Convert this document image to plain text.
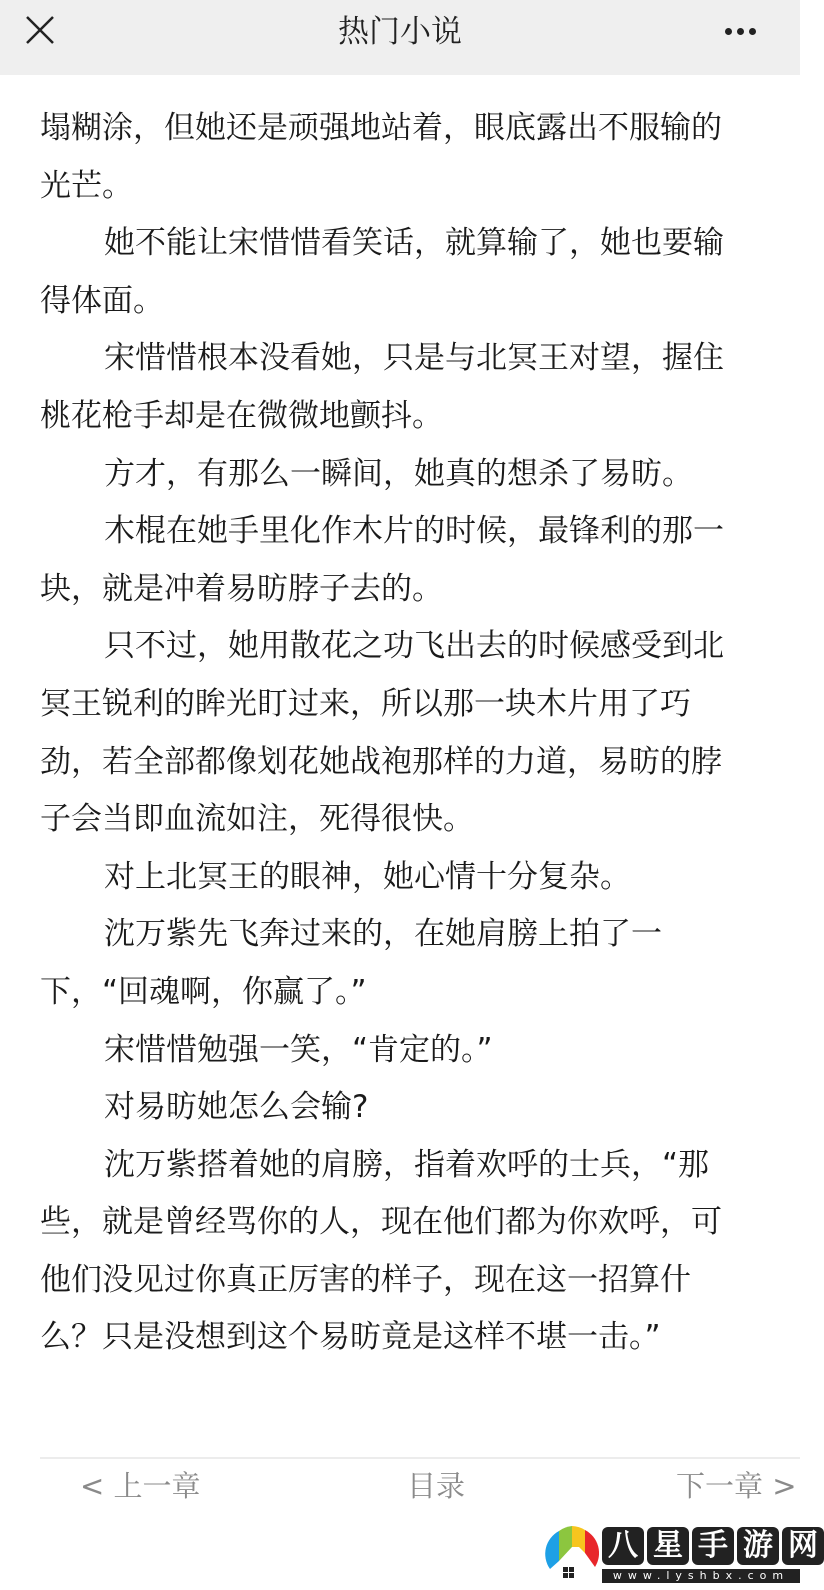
热门小说
塌糊涂，但她还是顽强地站着，眼底露出不服输的
光芒。
她不能让宋惜惜看笑话，就算输了，她也要输
得体面。
宋惜惜根本没看她，只是与北冥王对望，握住
桃花枪手却是在微微地颤抖。
方才，有那么一瞬间，她真的想杀了易昉。
木棍在她手里化作木片的时候，最锋利的那一
块，就是冲着易昉脖子去的。
只不过，她用散花之功飞出去的时候感受到北
冥王锐利的眸光盯过来，所以那一块木片用了巧
劲，若全部都像划花她战袍那样的力道，易昉的脖
子会当即血流如注，死得很快。
对上北冥王的眼神，她心情十分复杂。
沈万紫先飞奔过来的，在她肩膀上拍了一
下，“回魂啊，你赢了。”
宋惜惜勉强一笑，“肯定的。”
对易昉她怎么会输?
沈万紫搭着她的肩膀，指着欢呼的士兵，“那
些，就是曾经骂你的人，现在他们都为你欢呼，可
他们没见过你真正厉害的样子，现在这一招算什
么？只是没想到这个易昉竟是这样不堪一击。”
< 上一章	目录	下一章 >
八 星 手 游 网
www.lyshbx.com
